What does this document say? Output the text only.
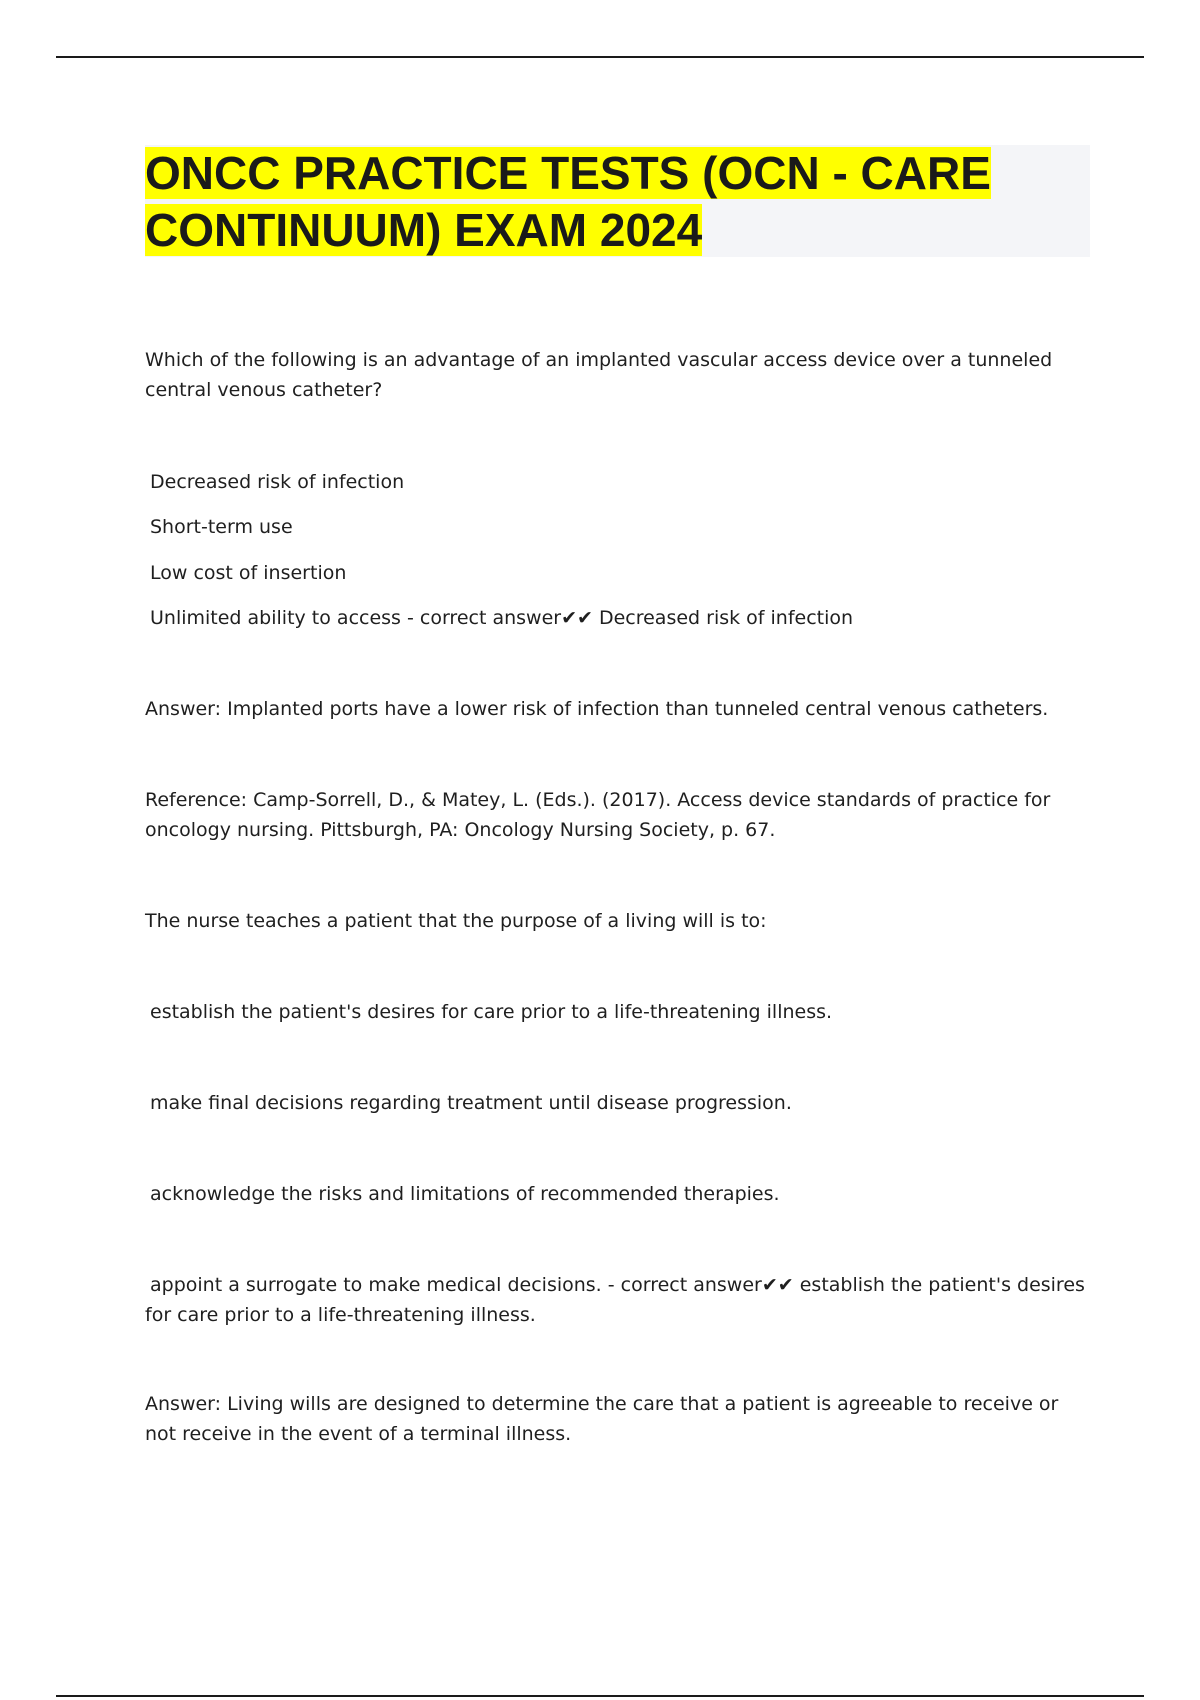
ONCC PRACTICE TESTS (OCN - CARE CONTINUUM) EXAM 2024

Which of the following is an advantage of an implanted vascular access device over a tunneled central venous catheter?

Decreased risk of infection

Short-term use

Low cost of insertion

Unlimited ability to access - correct answer✔✔ Decreased risk of infection

Answer: Implanted ports have a lower risk of infection than tunneled central venous catheters.

Reference: Camp-Sorrell, D., & Matey, L. (Eds.). (2017). Access device standards of practice for oncology nursing. Pittsburgh, PA: Oncology Nursing Society, p. 67.

The nurse teaches a patient that the purpose of a living will is to:

establish the patient's desires for care prior to a life-threatening illness.

make final decisions regarding treatment until disease progression.

acknowledge the risks and limitations of recommended therapies.

appoint a surrogate to make medical decisions. - correct answer✔✔ establish the patient's desires for care prior to a life-threatening illness.

Answer: Living wills are designed to determine the care that a patient is agreeable to receive or not receive in the event of a terminal illness.
